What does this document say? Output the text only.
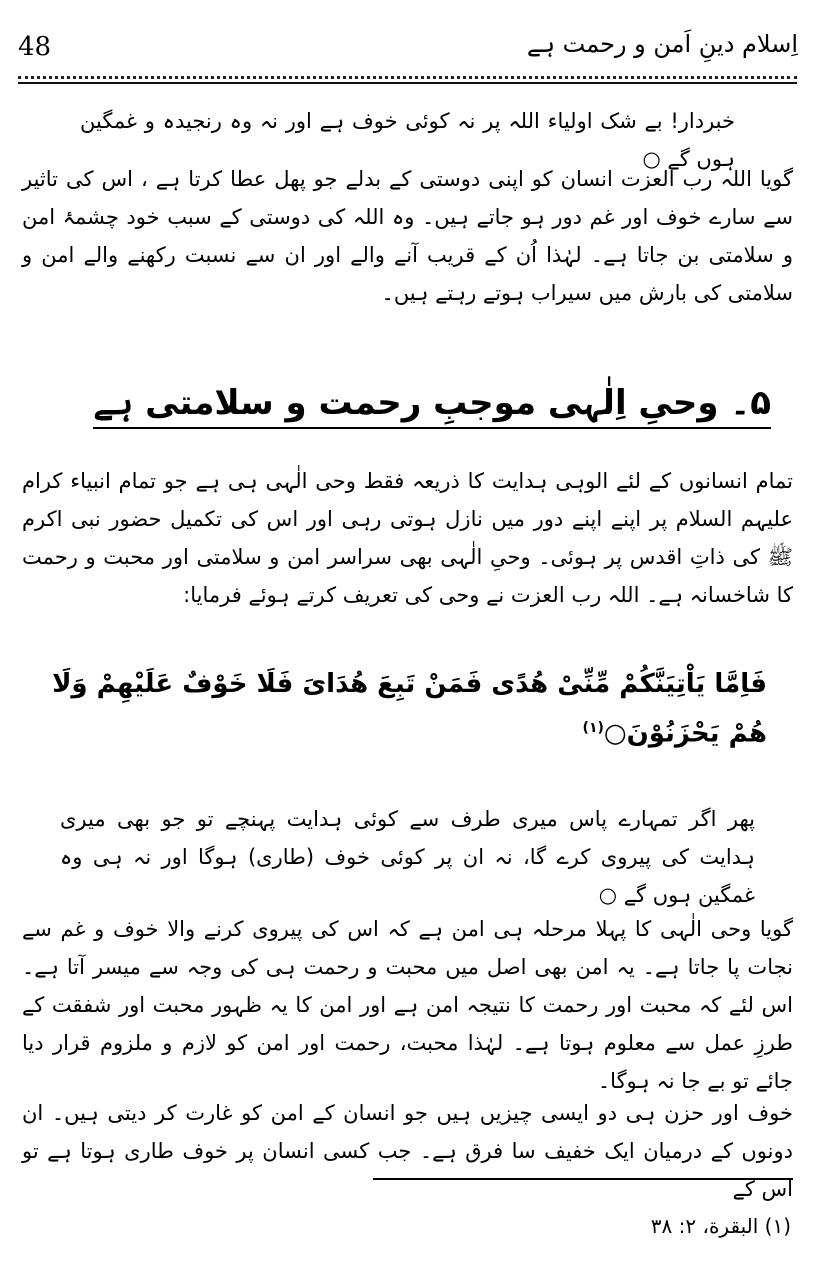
48	اِسلام دینِ اَمن و رحمت ہے

خبردار! بے شک اولیاء اللہ پر نہ کوئی خوف ہے اور نہ وہ رنجیدہ و غمگین ہوں گے ○

گویا اللہ رب العزت انسان کو اپنی دوستی کے بدلے جو پھل عطا کرتا ہے ، اس کی تاثیر سے سارے خوف اور غم دور ہو جاتے ہیں۔ وہ اللہ کی دوستی کے سبب خود چشمۂ امن و سلامتی بن جاتا ہے۔ لہٰذا اُن کے قریب آنے والے اور ان سے نسبت رکھنے والے امن و سلامتی کی بارش میں سیراب ہوتے رہتے ہیں۔

۵۔ وحیِ اِلٰہی موجبِ رحمت و سلامتی ہے

تمام انسانوں کے لئے الوہی ہدایت کا ذریعہ فقط وحی الٰہی ہی ہے جو تمام انبیاء کرام علیہم السلام پر اپنے اپنے دور میں نازل ہوتی رہی اور اس کی تکمیل حضور نبی اکرم ﷺ کی ذاتِ اقدس پر ہوئی۔ وحیِ الٰہی بھی سراسر امن و سلامتی اور محبت و رحمت کا شاخسانہ ہے۔ اللہ رب العزت نے وحی کی تعریف کرتے ہوئے فرمایا:

فَاِمَّا یَاْتِیَنَّکُمْ مِّنِّیْ هُدًی فَمَنْ تَبِعَ هُدَایَ فَلَا خَوْفٌ عَلَیْهِمْ وَلَا هُمْ یَحْزَنُوْنَ○$^{(۱)}$

پھر اگر تمہارے پاس میری طرف سے کوئی ہدایت پہنچے تو جو بھی میری ہدایت کی پیروی کرے گا، نہ ان پر کوئی خوف (طاری) ہوگا اور نہ ہی وہ غمگین ہوں گے ○

گویا وحی الٰہی کا پہلا مرحلہ ہی امن ہے کہ اس کی پیروی کرنے والا خوف و غم سے نجات پا جاتا ہے۔ یہ امن بھی اصل میں محبت و رحمت ہی کی وجہ سے میسر آتا ہے۔ اس لئے کہ محبت اور رحمت کا نتیجہ امن ہے اور امن کا یہ ظہور محبت اور شفقت کے طرزِ عمل سے معلوم ہوتا ہے۔ لہٰذا محبت، رحمت اور امن کو لازم و ملزوم قرار دیا جائے تو بے جا نہ ہوگا۔

خوف اور حزن ہی دو ایسی چیزیں ہیں جو انسان کے امن کو غارت کر دیتی ہیں۔ ان دونوں کے درمیان ایک خفیف سا فرق ہے۔ جب کسی انسان پر خوف طاری ہوتا ہے تو اس کے

(۱) البقرة، ۲: ۳۸
